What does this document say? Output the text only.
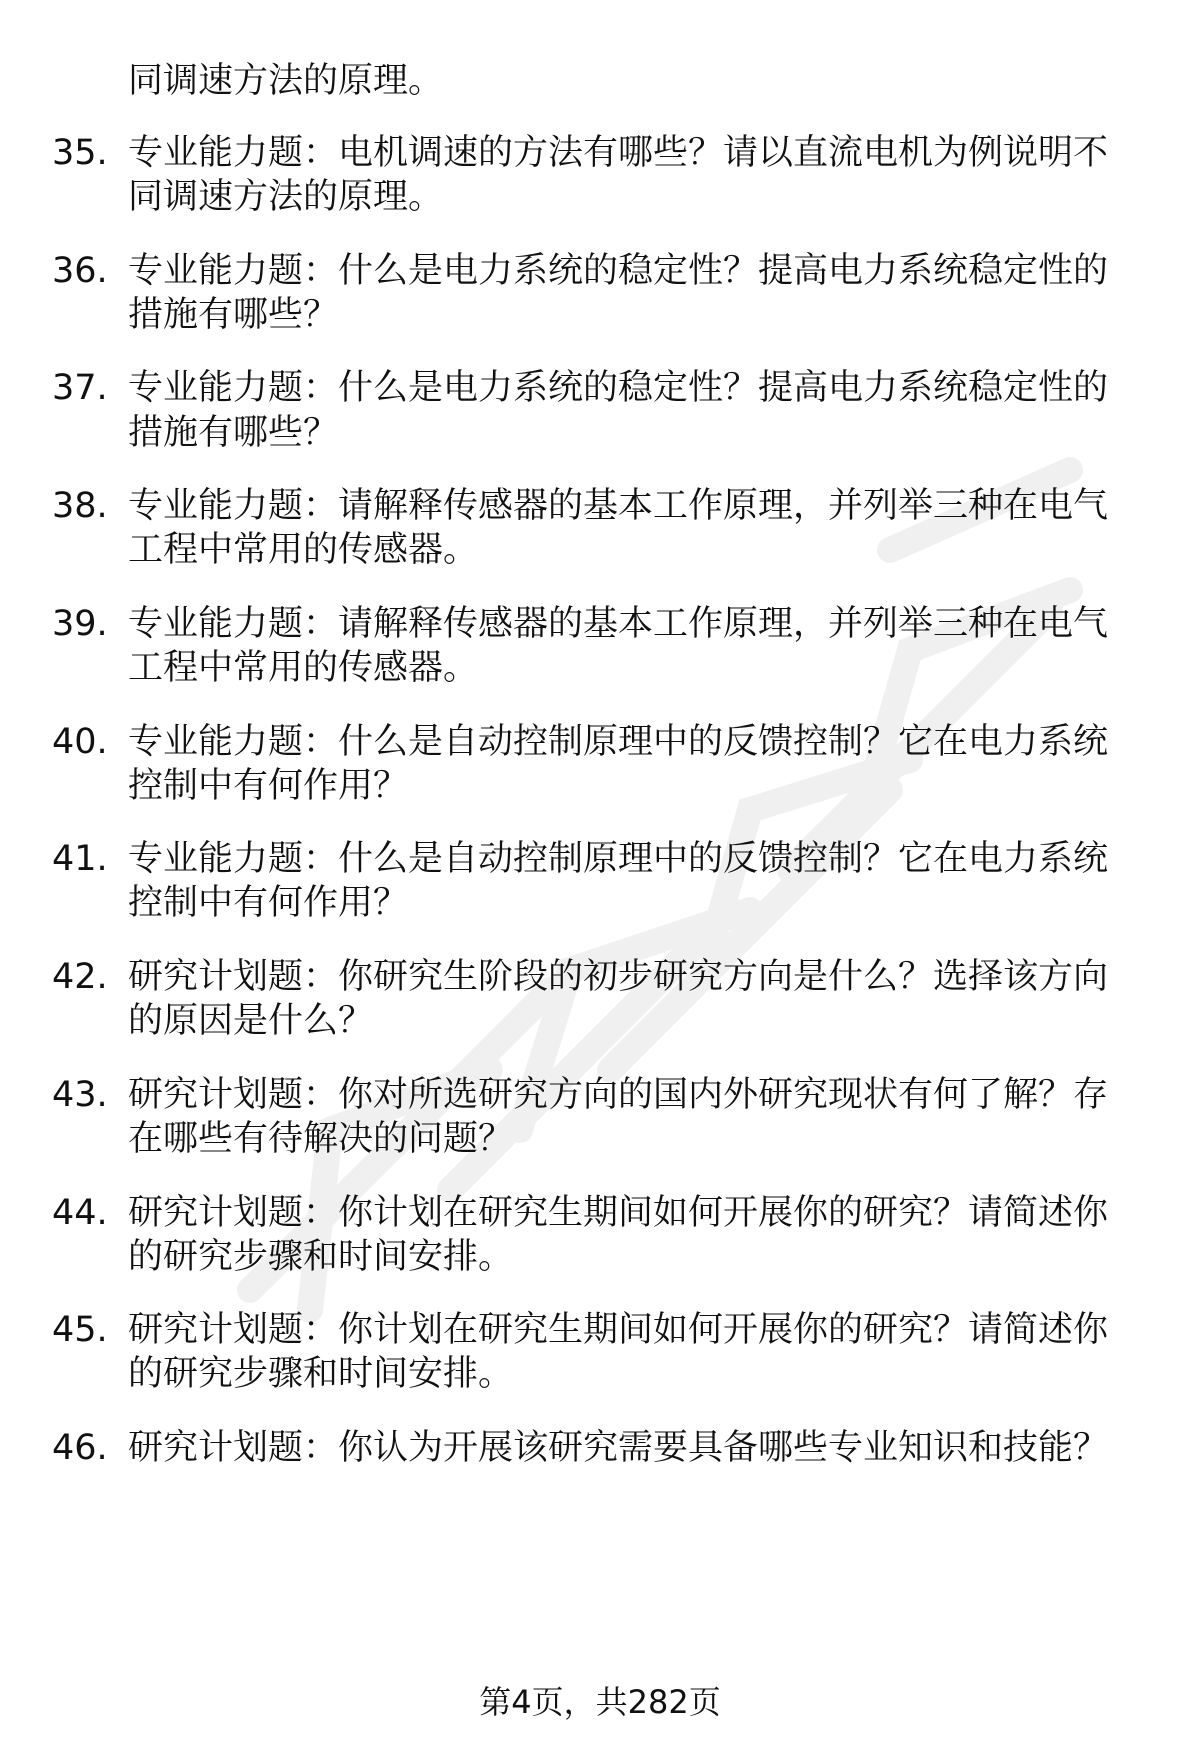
同调速方法的原理。
35. 专业能力题：电机调速的方法有哪些？请以直流电机为例说明不
同调速方法的原理。
36. 专业能力题：什么是电力系统的稳定性？提高电力系统稳定性的
措施有哪些？
37. 专业能力题：什么是电力系统的稳定性？提高电力系统稳定性的
措施有哪些？
38. 专业能力题：请解释传感器的基本工作原理，并列举三种在电气
工程中常用的传感器。
39. 专业能力题：请解释传感器的基本工作原理，并列举三种在电气
工程中常用的传感器。
40. 专业能力题：什么是自动控制原理中的反馈控制？它在电力系统
控制中有何作用？
41. 专业能力题：什么是自动控制原理中的反馈控制？它在电力系统
控制中有何作用？
42. 研究计划题：你研究生阶段的初步研究方向是什么？选择该方向
的原因是什么？
43. 研究计划题：你对所选研究方向的国内外研究现状有何了解？存
在哪些有待解决的问题？
44. 研究计划题：你计划在研究生期间如何开展你的研究？请简述你
的研究步骤和时间安排。
45. 研究计划题：你计划在研究生期间如何开展你的研究？请简述你
的研究步骤和时间安排。
46. 研究计划题：你认为开展该研究需要具备哪些专业知识和技能？
第4页，共282页
